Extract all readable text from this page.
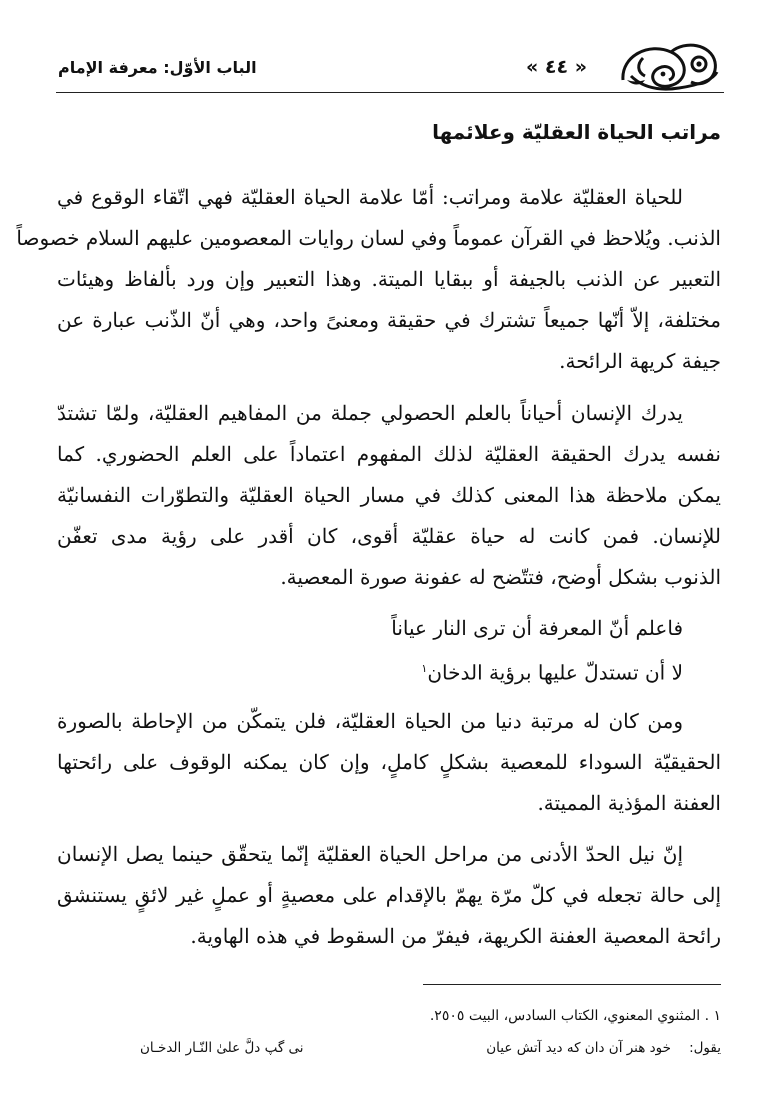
« ٤٤ »
الباب الأوّل: معرفة الإمام
مراتب الحياة العقليّة وعلائمها
للحياة العقليّة علامة ومراتب: أمّا علامة الحياة العقليّة فهي اتّقاء الوقوع في
الذنب. ويُلاحظ في القرآن عموماً وفي لسان روايات المعصومين عليهم السلام خصوصاً
التعبير عن الذنب بالجيفة أو ببقايا الميتة. وهذا التعبير وإن ورد بألفاظ وهيئات
مختلفة، إلاّ أنّها جميعاً تشترك في حقيقة ومعنىً واحد، وهي أنّ الذّنب عبارة عن
جيفة كريهة الرائحة.
يدرك الإنسان أحياناً بالعلم الحصولي جملة من المفاهيم العقليّة، ولمّا تشتدّ
نفسه يدرك الحقيقة العقليّة لذلك المفهوم اعتماداً على العلم الحضوري. كما
يمكن ملاحظة هذا المعنى كذلك في مسار الحياة العقليّة والتطوّرات النفسانيّة
للإنسان. فمن كانت له حياة عقليّة أقوى، كان أقدر على رؤية مدى تعفّن
الذنوب بشكل أوضح، فتتّضح له عفونة صورة المعصية.
فاعلم أنّ المعرفة أن ترى النار عياناً
لا أن تستدلّ عليها برؤية الدخان$^١$
ومن كان له مرتبة دنيا من الحياة العقليّة، فلن يتمكّن من الإحاطة بالصورة
الحقيقيّة السوداء للمعصية بشكلٍ كاملٍ، وإن كان يمكنه الوقوف على رائحتها
العفنة المؤذية المميتة.
إنّ نيل الحدّ الأدنى من مراحل الحياة العقليّة إنّما يتحقّق حينما يصل الإنسان
إلى حالة تجعله في كلّ مرّة يهمّ بالإقدام على معصيةٍ أو عملٍ غير لائقٍ يستنشق
رائحة المعصية العفنة الكريهة، فيفرّ من السقوط في هذه الهاوية.
١ . المثنوي المعنوي، الكتاب السادس، البيت ٢٥٠٥.
يقول:
خود هنر آن دان كه ديد آتش عيان
نى گپ دلَّ علىٰ النّـار الدخـان
